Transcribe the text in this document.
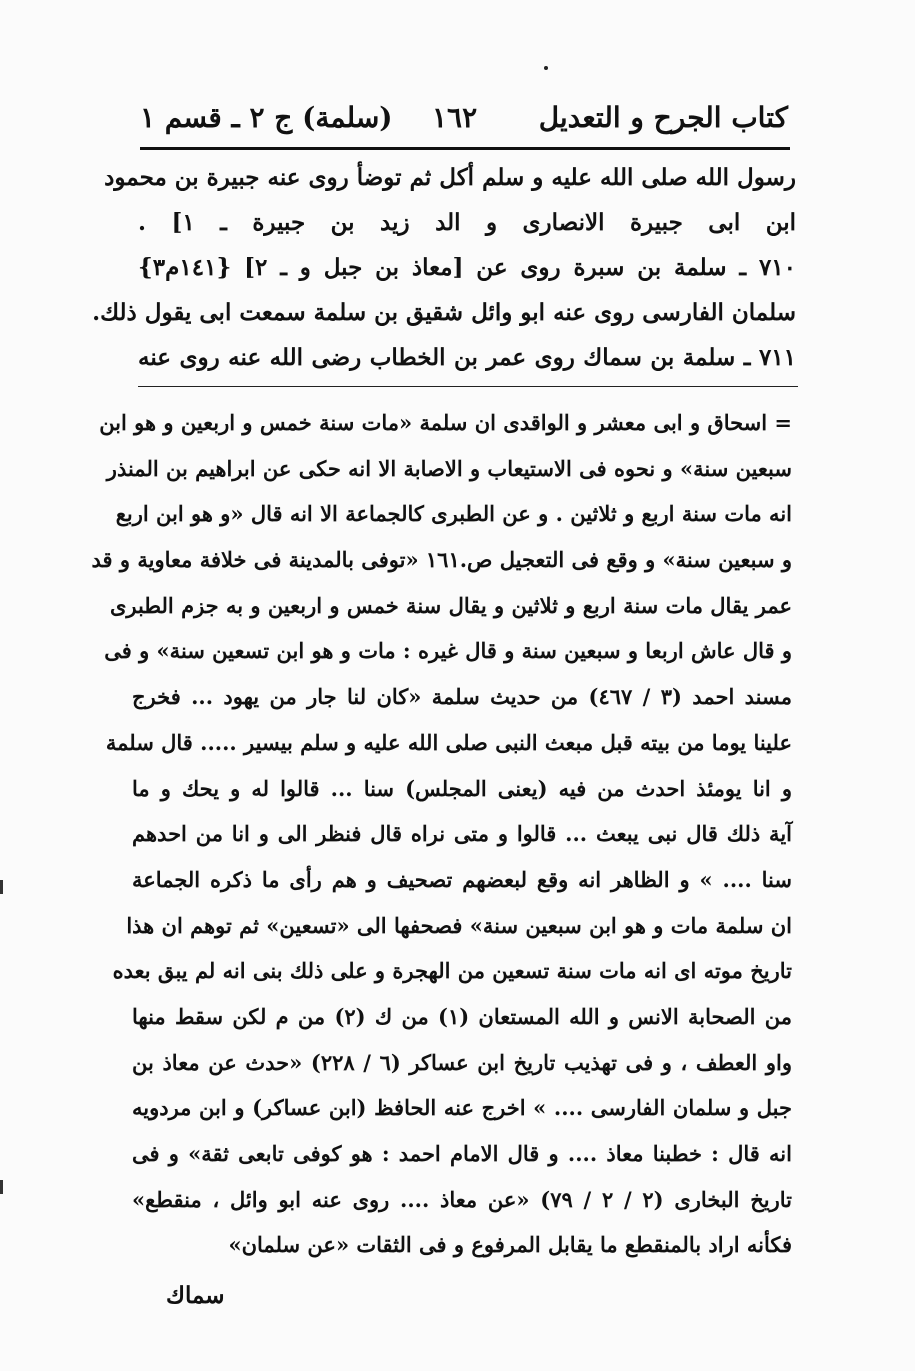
كتاب الجرح و التعديل
١٦٢
(سلمة) ج ٢ ـ قسم ١
رسول الله صلى الله عليه و سلم أكل ثم توضأ روى عنه جبيرة بن محمود
ابن ابى جبيرة الانصارى و الد زيد بن جبيرة ـ ١] .
٧١٠ ـ سلمة بن سبرة روى عن [معاذ بن جبل و ـ ٢] {١٤١م٣}
سلمان الفارسى روى عنه ابو وائل شقيق بن سلمة سمعت ابى يقول ذلك.
٧١١ ـ سلمة بن سماك روى عمر بن الخطاب رضى الله عنه روى عنه
= اسحاق و ابى معشر و الواقدى ان سلمة «مات سنة خمس و اربعين و هو ابن
سبعين سنة» و نحوه فى الاستيعاب و الاصابة الا انه حكى عن ابراهيم بن المنذر
انه مات سنة اربع و ثلاثين . و عن الطبرى كالجماعة الا انه قال «و هو ابن اربع
و سبعين سنة» و وقع فى التعجيل ص.١٦١ «توفى بالمدينة فى خلافة معاوية و قد
عمر يقال مات سنة اربع و ثلاثين و يقال سنة خمس و اربعين و به جزم الطبرى
و قال عاش اربعا و سبعين سنة و قال غيره : مات و هو ابن تسعين سنة» و فى
مسند احمد (٣ / ٤٦٧) من حديث سلمة «كان لنا جار من يهود ... فخرج
علينا يوما من بيته قبل مبعث النبى صلى الله عليه و سلم بيسير ..... قال سلمة
و انا يومئذ احدث من فيه (يعنى المجلس) سنا ... قالوا له و يحك و ما
آية ذلك قال نبى يبعث ... قالوا و متى نراه قال فنظر الى و انا من احدهم
سنا .... » و الظاهر انه وقع لبعضهم تصحيف و هم رأى ما ذكره الجماعة
ان سلمة مات و هو ابن سبعين سنة» فصحفها الى «تسعين» ثم توهم ان هذا
تاريخ موته اى انه مات سنة تسعين من الهجرة و على ذلك بنى انه لم يبق بعده
من الصحابة الانس و الله المستعان (١) من ك (٢) من م لكن سقط منها
واو العطف ، و فى تهذيب تاريخ ابن عساكر (٦ / ٢٢٨) «حدث عن معاذ بن
جبل و سلمان الفارسى .... » اخرج عنه الحافظ (ابن عساكر) و ابن مردويه
انه قال : خطبنا معاذ .... و قال الامام احمد : هو كوفى تابعى ثقة» و فى
تاريخ البخارى (٢ / ٢ / ٧٩) «عن معاذ .... روى عنه ابو وائل ، منقطع»
فكأنه اراد بالمنقطع ما يقابل المرفوع و فى الثقات «عن سلمان»
سماك
